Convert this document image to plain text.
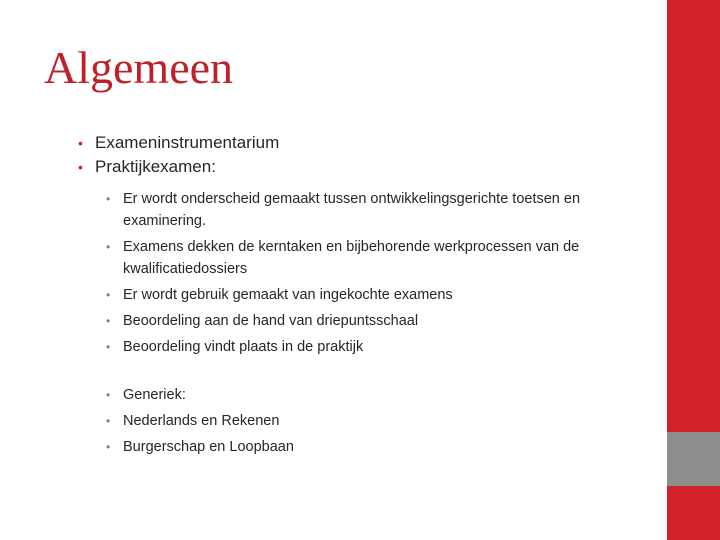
Algemeen
• Exameninstrumentarium
• Praktijkexamen:
• Er wordt onderscheid gemaakt tussen ontwikkelingsgerichte toetsen en examinering.
• Examens dekken de kerntaken en bijbehorende werkprocessen van de kwalificatiedossiers
• Er wordt gebruik gemaakt van ingekochte examens
• Beoordeling aan de hand van driepuntsschaal
• Beoordeling vindt plaats in de praktijk
• Generiek:
• Nederlands en Rekenen
• Burgerschap en Loopbaan
